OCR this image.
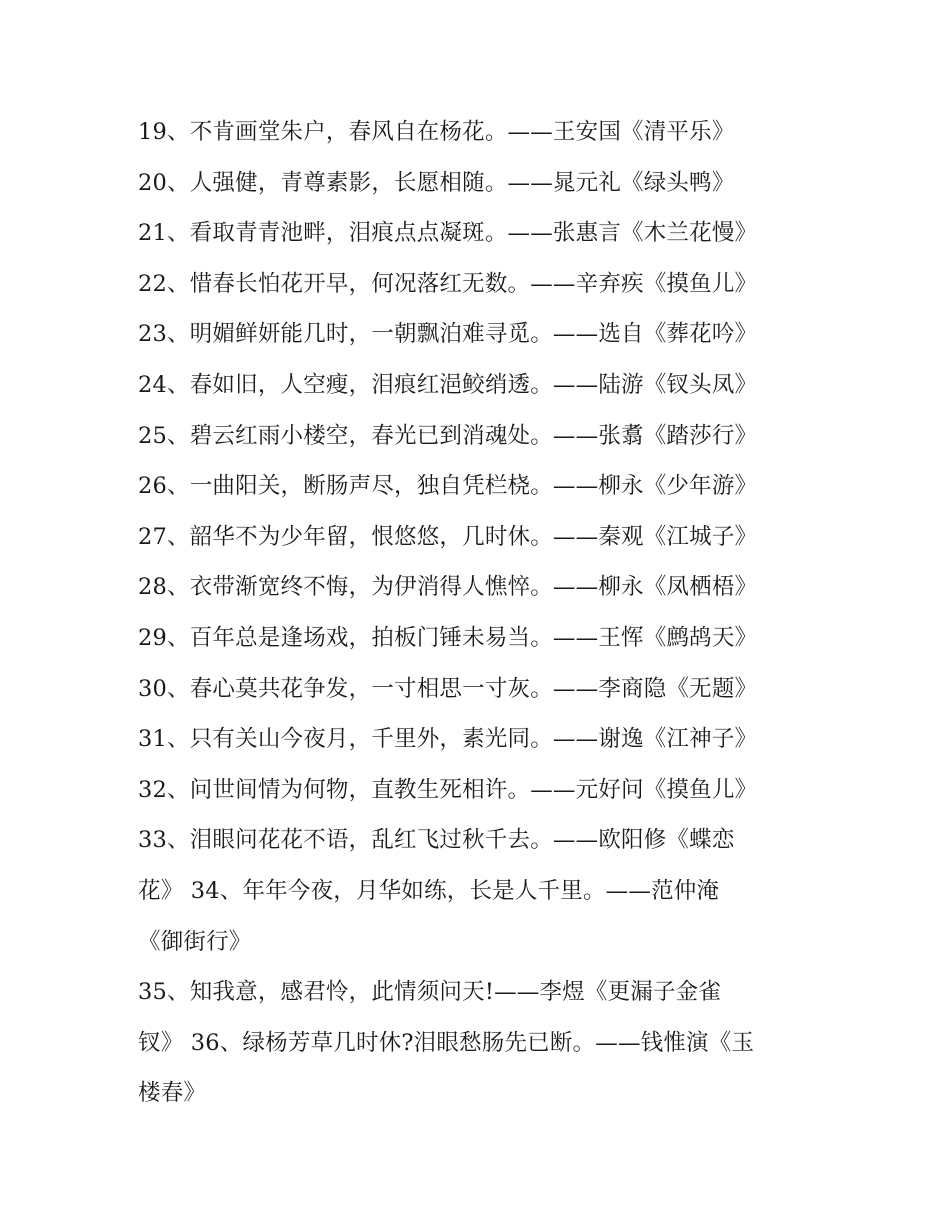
19、不肯画堂朱户，春风自在杨花。——王安国《清平乐》
20、人强健，青尊素影，长愿相随。——晁元礼《绿头鸭》
21、看取青青池畔，泪痕点点凝斑。——张惠言《木兰花慢》
22、惜春长怕花开早，何况落红无数。——辛弃疾《摸鱼儿》
23、明媚鲜妍能几时，一朝飘泊难寻觅。——选自《葬花吟》
24、春如旧，人空瘦，泪痕红浥鲛绡透。——陆游《钗头凤》
25、碧云红雨小楼空，春光已到消魂处。——张翥《踏莎行》
26、一曲阳关，断肠声尽，独自凭栏桡。——柳永《少年游》
27、韶华不为少年留，恨悠悠，几时休。——秦观《江城子》
28、衣带渐宽终不悔，为伊消得人憔悴。——柳永《凤栖梧》
29、百年总是逢场戏，拍板门锤未易当。——王恽《鹧鸪天》
30、春心莫共花争发，一寸相思一寸灰。——李商隐《无题》
31、只有关山今夜月，千里外，素光同。——谢逸《江神子》
32、问世间情为何物，直教生死相许。——元好问《摸鱼儿》
33、泪眼问花花不语，乱红飞过秋千去。——欧阳修《蝶恋
花》 34、年年今夜，月华如练，长是人千里。——范仲淹
《御街行》
35、知我意，感君怜，此情须问天!——李煜《更漏子金雀
钗》 36、绿杨芳草几时休?泪眼愁肠先已断。——钱惟演《玉
楼春》
